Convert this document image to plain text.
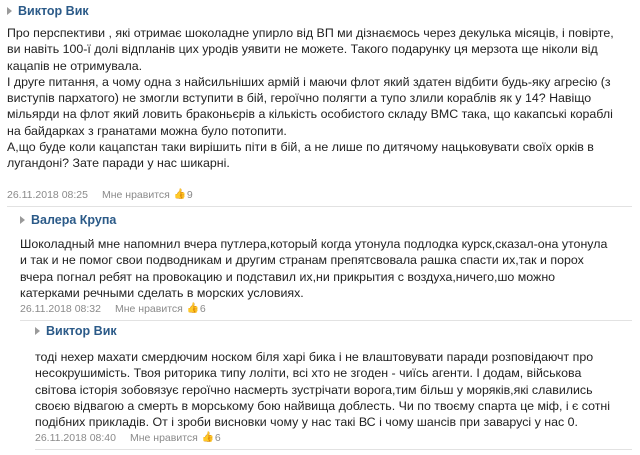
Виктор Вик

Про перспективи , які отримає шоколадне упирло від ВП ми дізнаємось через декулька місяців, і повірте,

ви навіть 100-ї долі відпланів цих уродів уявити не можете. Такого подарунку ця мерзота ще ніколи від

кацапів не отримувала.

І друге питання, а чому одна з найсильніших армій і маючи флот який здатен відбити будь-яку агресію (з

виступів пархатого) не змогли вступити в бій, героїчно полягти а тупо злили кораблів як у 14? Навіщо

мільярди на флот який ловить браконьєрів а кількість особистого складу ВМС така, що какапські кораблі

на байдарках з гранатами можна було потопити.

А,що буде коли кацапстан таки вирішить піти в бій, а не лише по дитячому нацьковувати своїх орків в

лугандоні? Зате паради у нас шикарні.

26.11.2018 08:25 Мне нравится 👍 9
Валера Крупа

Шоколадный мне напомнил вчера путлера,который когда утонула подлодка курск,сказал-она утонула

и так и не помог свои подводникам и другим странам препятсвовала рашка спасти их,так и порох

вчера погнал ребят на провокацию и подставил их,ни прикрытия с воздуха,ничего,шо можно

катерками речными сделать в морских условиях.

26.11.2018 08:32 Мне нравится 👍 6
Виктор Вик

тоді нехер махати смердючим носком біля харі бика і не влаштовувати паради розповідаючт про

несокрушимість. Твоя риторика типу лоліти, всі хто не згоден - чиїсь агенти. І додам, військова

світова історія зобовязує героїчно насмерть зустрічати ворога,тим більш у моряків,які славились

своєю відвагою а смерть в морському бою найвища доблесть. Чи по твоєму спарта це міф, і є сотні

подібних прикладів. От і зроби висновки чому у нас такі ВС і чому шансів при заварусі у нас 0.

26.11.2018 08:40 Мне нравится 👍 6
